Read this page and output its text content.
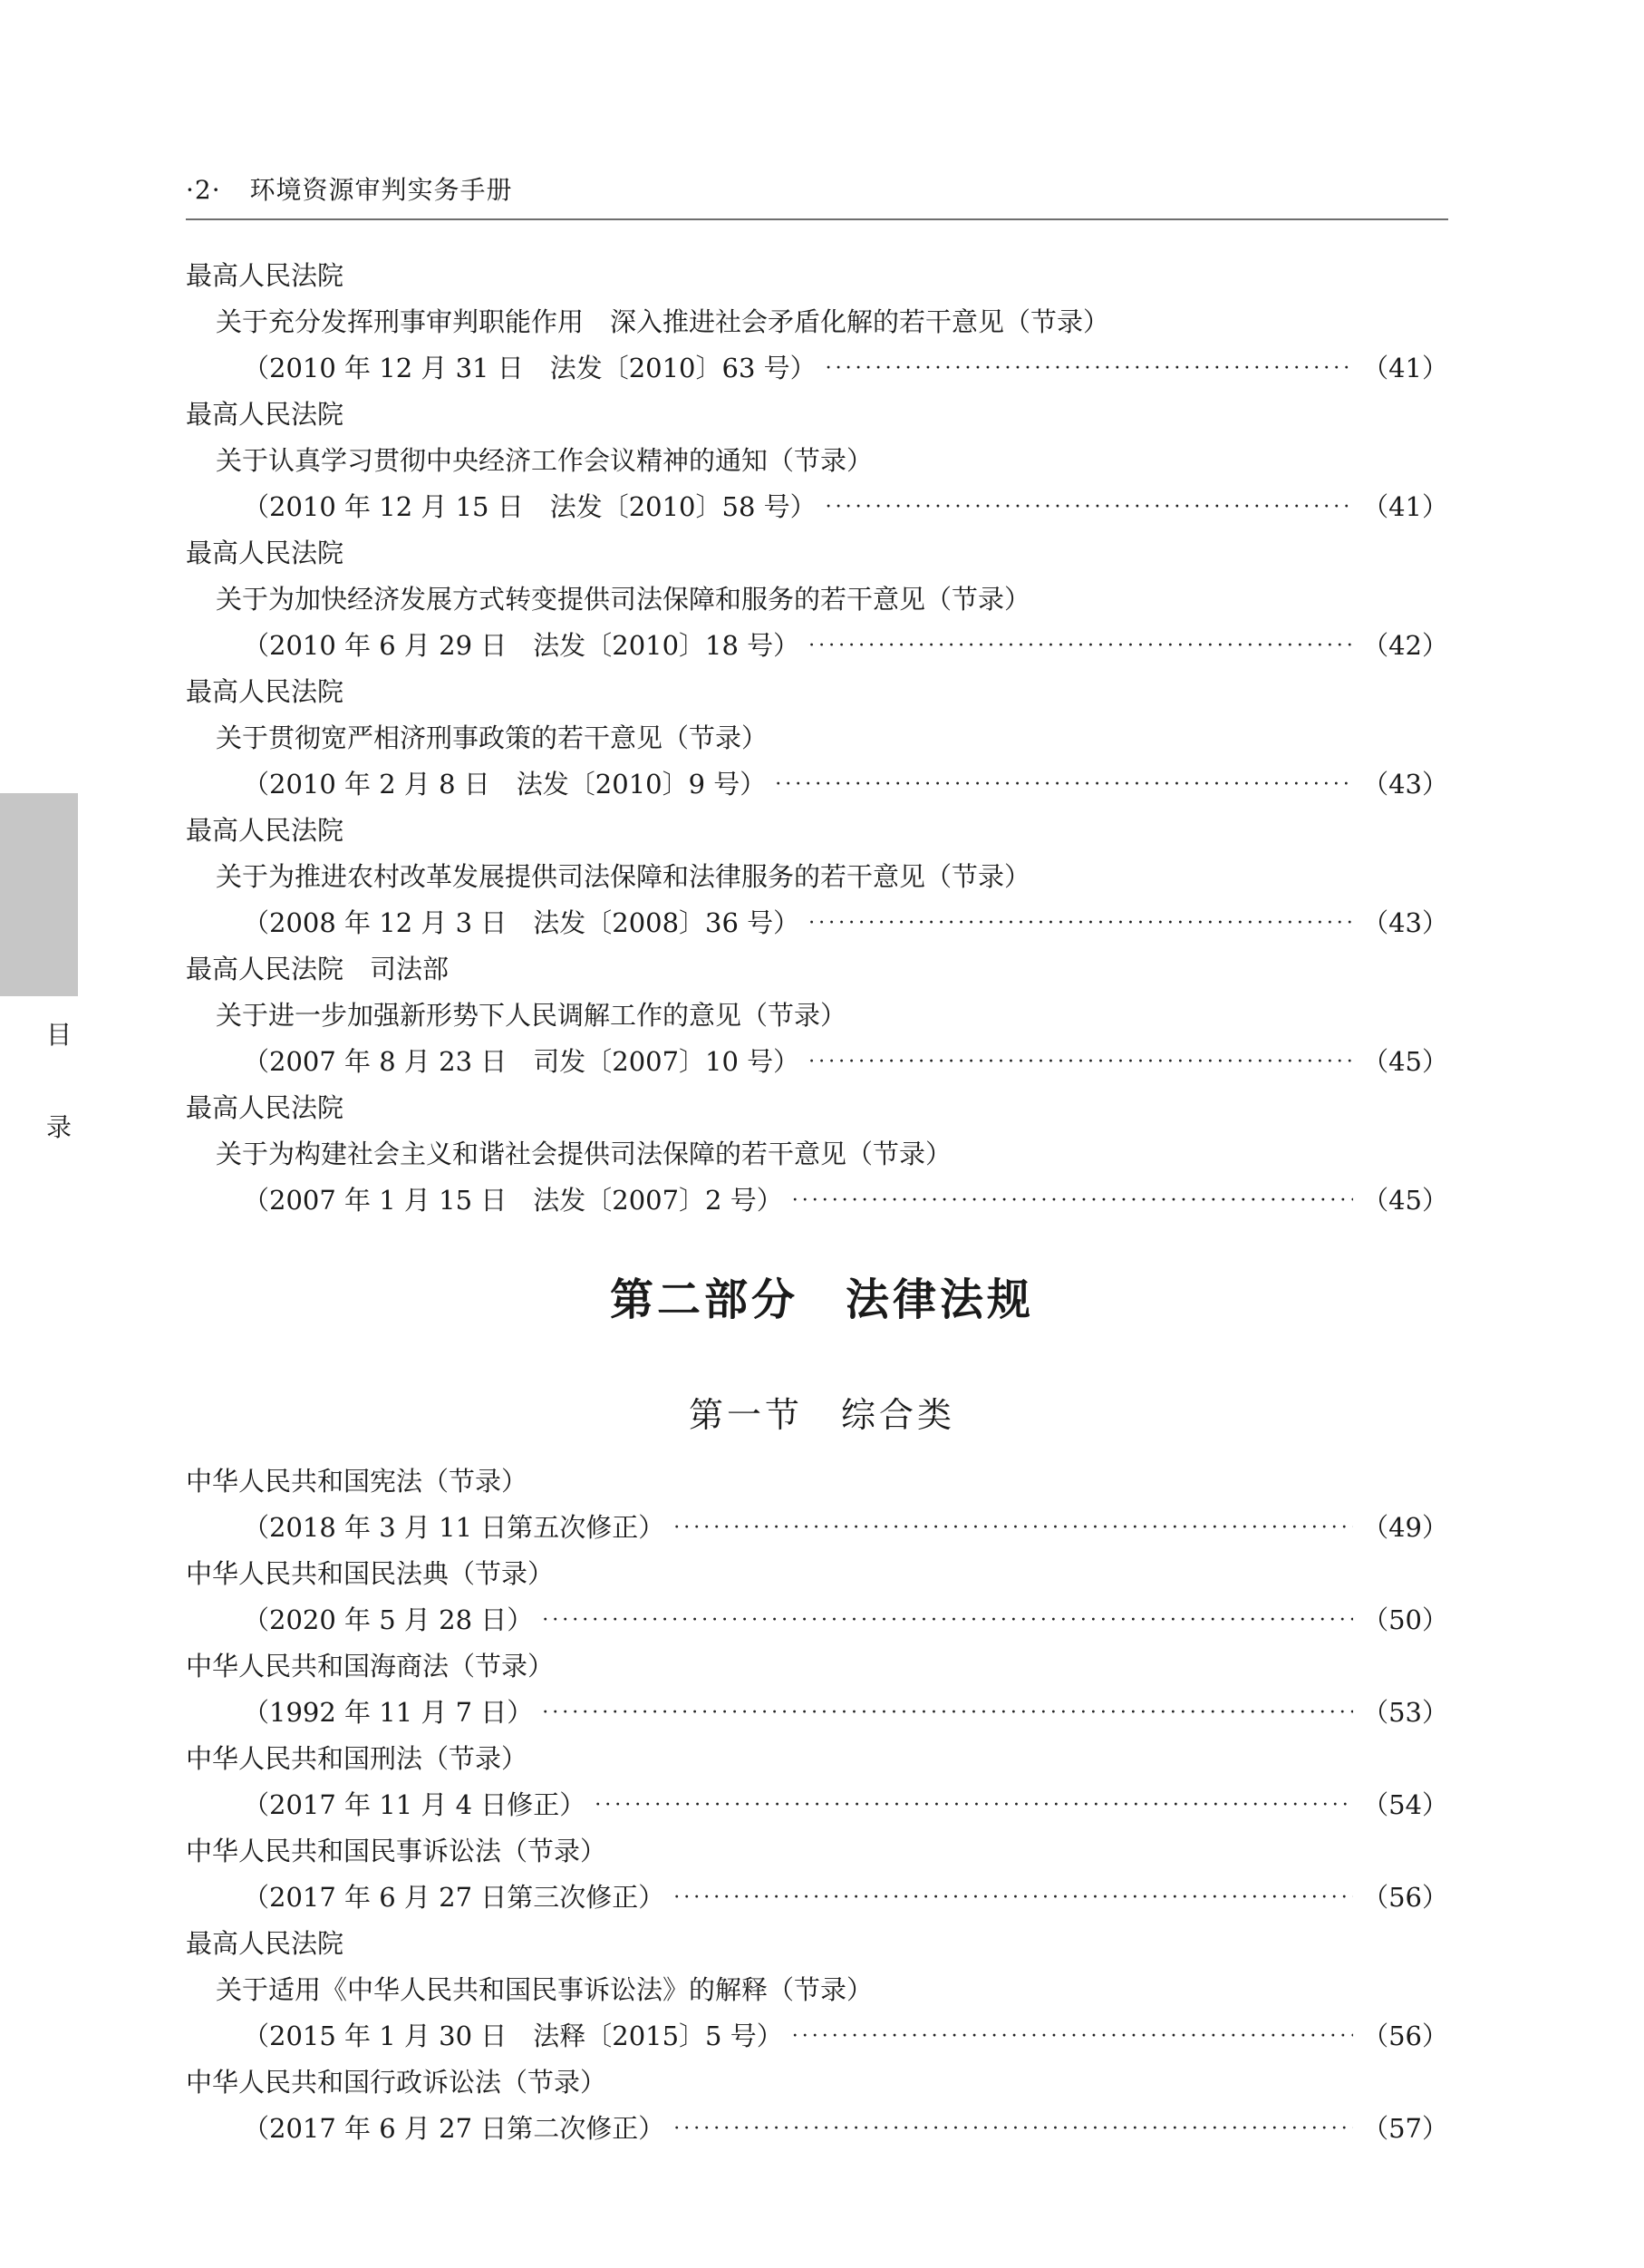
·2· 环境资源审判实务手册
目
录
最高人民法院
关于充分发挥刑事审判职能作用　深入推进社会矛盾化解的若干意见（节录）
（2010 年 12 月 31 日　法发〔2010〕63 号） ·····	（41）
最高人民法院
关于认真学习贯彻中央经济工作会议精神的通知（节录）
（2010 年 12 月 15 日　法发〔2010〕58 号） ·····	（41）
最高人民法院
关于为加快经济发展方式转变提供司法保障和服务的若干意见（节录）
（2010 年 6 月 29 日　法发〔2010〕18 号） ·····	（42）
最高人民法院
关于贯彻宽严相济刑事政策的若干意见（节录）
（2010 年 2 月 8 日　法发〔2010〕9 号） ·····	（43）
最高人民法院
关于为推进农村改革发展提供司法保障和法律服务的若干意见（节录）
（2008 年 12 月 3 日　法发〔2008〕36 号） ·····	（43）
最高人民法院　司法部
关于进一步加强新形势下人民调解工作的意见（节录）
（2007 年 8 月 23 日　司发〔2007〕10 号） ·····	（45）
最高人民法院
关于为构建社会主义和谐社会提供司法保障的若干意见（节录）
（2007 年 1 月 15 日　法发〔2007〕2 号） ·····	（45）
第二部分　法律法规
第一节　综合类
中华人民共和国宪法（节录）
（2018 年 3 月 11 日第五次修正） ·····	（49）
中华人民共和国民法典（节录）
（2020 年 5 月 28 日） ·····	（50）
中华人民共和国海商法（节录）
（1992 年 11 月 7 日） ·····	（53）
中华人民共和国刑法（节录）
（2017 年 11 月 4 日修正） ·····	（54）
中华人民共和国民事诉讼法（节录）
（2017 年 6 月 27 日第三次修正） ·····	（56）
最高人民法院
关于适用《中华人民共和国民事诉讼法》的解释（节录）
（2015 年 1 月 30 日　法释〔2015〕5 号） ·····	（56）
中华人民共和国行政诉讼法（节录）
（2017 年 6 月 27 日第二次修正） ·····	（57）
